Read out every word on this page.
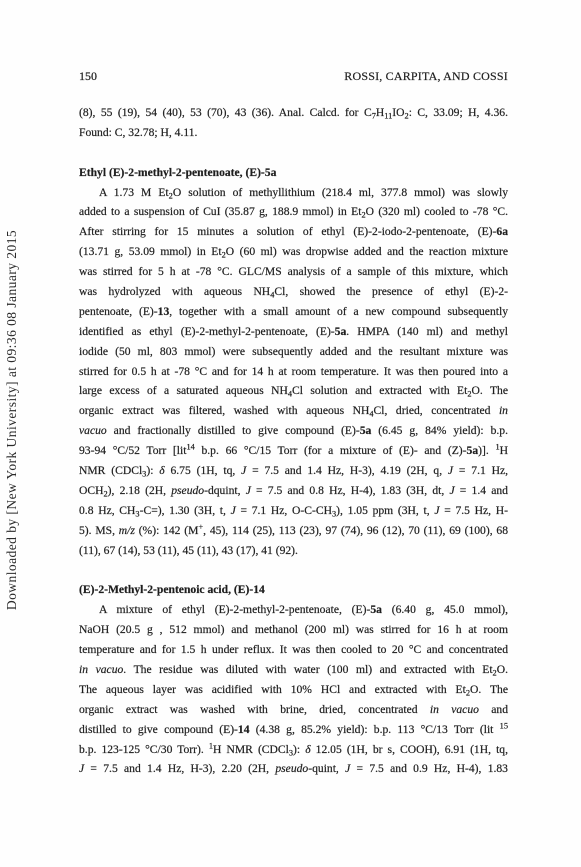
150	ROSSI, CARPITA, AND COSSI
Downloaded by [New York University] at 09:36 08 January 2015
(8), 55 (19), 54 (40), 53 (70), 43 (36). Anal. Calcd. for $C_7H_{11}IO_2$: C, 33.09; H, 4.36.
Found: C, 32.78; H, 4.11.
Ethyl (E)-2-methyl-2-pentenoate, (E)-5a
A 1.73 M $Et_2O$ solution of methyllithium (218.4 ml, 377.8 mmol) was slowly
added to a suspension of CuI (35.87 g, 188.9 mmol) in $Et_2O$ (320 ml) cooled to -78 °C.
After stirring for 15 minutes a solution of ethyl (E)-2-iodo-2-pentenoate, (E)-6a
(13.71 g, 53.09 mmol) in $Et_2O$ (60 ml) was dropwise added and the reaction mixture
was stirred for 5 h at -78 °C. GLC/MS analysis of a sample of this mixture, which
was hydrolyzed with aqueous $NH_4Cl$, showed the presence of ethyl (E)-2-
pentenoate, (E)-13, together with a small amount of a new compound subsequently
identified as ethyl (E)-2-methyl-2-pentenoate, (E)-5a. HMPA (140 ml) and methyl
iodide (50 ml, 803 mmol) were subsequently added and the resultant mixture was
stirred for 0.5 h at -78 °C and for 14 h at room temperature. It was then poured into a
large excess of a saturated aqueous $NH_4Cl$ solution and extracted with $Et_2O$. The
organic extract was filtered, washed with aqueous $NH_4Cl$, dried, concentrated in
vacuo and fractionally distilled to give compound (E)-5a (6.45 g, 84% yield): b.p.
93-94 °C/52 Torr [lit$^{14}$ b.p. 66 °C/15 Torr (for a mixture of (E)- and (Z)-5a)]. $^1$H
NMR (CDCl$_3$): δ 6.75 (1H, tq, J = 7.5 and 1.4 Hz, H-3), 4.19 (2H, q, J = 7.1 Hz,
$OCH_2$), 2.18 (2H, pseudo-dquint, J = 7.5 and 0.8 Hz, H-4), 1.83 (3H, dt, J = 1.4 and
0.8 Hz, $CH_3-C=$), 1.30 (3H, t, J = 7.1 Hz, $O-C-CH_3$), 1.05 ppm (3H, t, J = 7.5 Hz, H-
5). MS, m/z (%): 142 (M+, 45), 114 (25), 113 (23), 97 (74), 96 (12), 70 (11), 69 (100), 68
(11), 67 (14), 53 (11), 45 (11), 43 (17), 41 (92).
(E)-2-Methyl-2-pentenoic acid, (E)-14
A mixture of ethyl (E)-2-methyl-2-pentenoate, (E)-5a (6.40 g, 45.0 mmol),
NaOH (20.5 g , 512 mmol) and methanol (200 ml) was stirred for 16 h at room
temperature and for 1.5 h under reflux. It was then cooled to 20 °C and concentrated
in vacuo. The residue was diluted with water (100 ml) and extracted with $Et_2O$.
The aqueous layer was acidified with 10% HCl and extracted with $Et_2O$. The
organic extract was washed with brine, dried, concentrated in vacuo and
distilled to give compound (E)-14 (4.38 g, 85.2% yield): b.p. 113 °C/13 Torr (lit $^{15}$
b.p. 123-125 °C/30 Torr). $^1$H NMR (CDCl$_3$): δ 12.05 (1H, br s, COOH), 6.91 (1H, tq,
J = 7.5 and 1.4 Hz, H-3), 2.20 (2H, pseudo-quint, J = 7.5 and 0.9 Hz, H-4), 1.83
